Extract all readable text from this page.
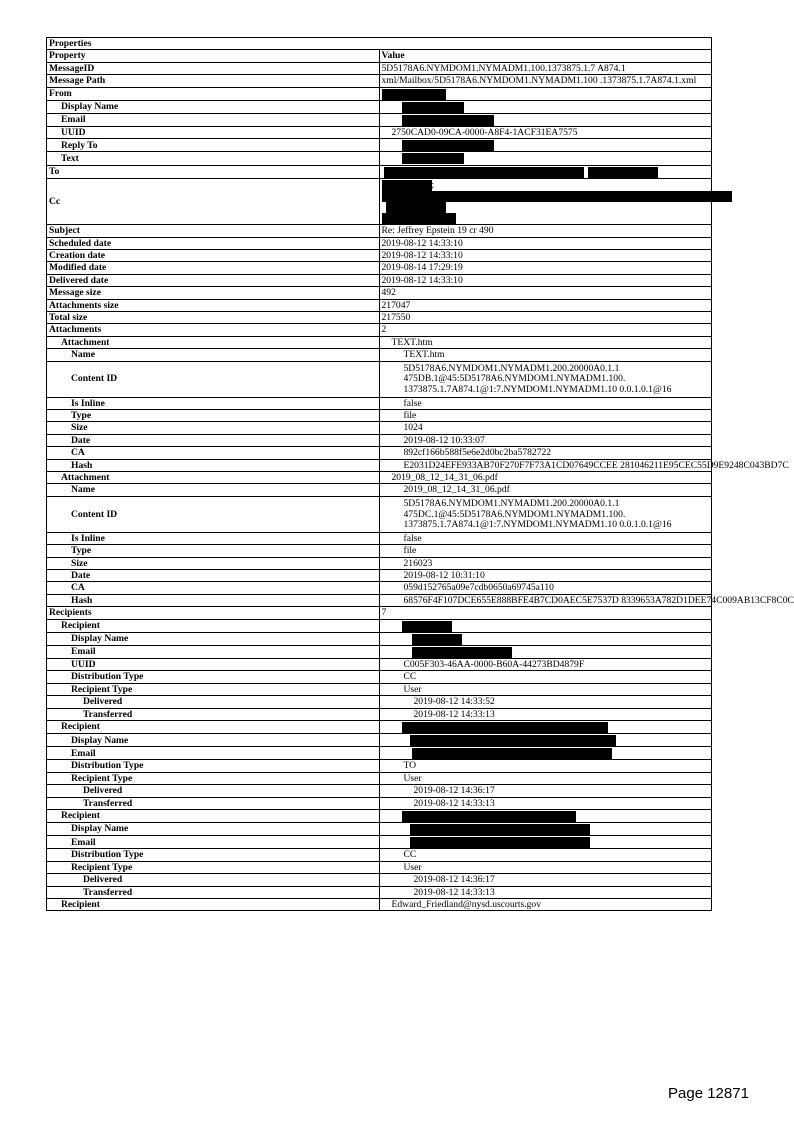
Properties	
Property	Value
MessageID	5D5178A6.NYMDOM1.NYMADM1.100.1373875.1.7 A874.1
Message Path	xml/Mailbox/5D5178A6.NYMDOM1.NYMADM1.100 .1373875.1.7A874.1.xml
From	
Display Name	
Email	
UUID	2750CAD0-09CA-0000-A8F4-1ACF31EA7575
Reply To	
Text	
To	
Cc	;

Subject	Re: Jeffrey Epstein 19 cr 490
Scheduled date	2019-08-12 14:33:10
Creation date	2019-08-12 14:33:10
Modified date	2019-08-14 17:29:19
Delivered date	2019-08-12 14:33:10
Message size	492
Attachments size	217047
Total size	217550
Attachments	2
Attachment	TEXT.htm
Name	TEXT.htm
Content ID	5D5178A6.NYMDOM1.NYMADM1.200.20000A0.1.1
475DB.1@45:5D5178A6.NYMDOM1.NYMADM1.100.
1373875.1.7A874.1@1:7.NYMDOM1.NYMADM1.10 0.0.1.0.1@16
Is Inline	false
Type	file
Size	1024
Date	2019-08-12 10:33:07
CA	892cf166b588f5e6e2d0bc2ba5782722
Hash	E2031D24EFE933AB70F270F7F73A1CD07649CCEE 281046211E95CEC55D9E9248C043BD7C
Attachment	2019_08_12_14_31_06.pdf
Name	2019_08_12_14_31_06.pdf
Content ID	5D5178A6.NYMDOM1.NYMADM1.200.20000A0.1.1
475DC.1@45:5D5178A6.NYMDOM1.NYMADM1.100.
1373875.1.7A874.1@1:7.NYMDOM1.NYMADM1.10 0.0.1.0.1@16
Is Inline	false
Type	file
Size	216023
Date	2019-08-12 10:31:10
CA	059d152765a09e7cdb0650a69745a110
Hash	68576F4F107DCE655E888BFE4B7CD0AEC5E7537D 8339653A782D1DEE74C009AB13CF8C0C
Recipients	7
Recipient	
Display Name	
Email	
UUID	C005F303-46AA-0000-B60A-44273BD4879F
Distribution Type	CC
Recipient Type	User
Delivered	2019-08-12 14:33:52
Transferred	2019-08-12 14:33:13
Recipient	
Display Name	
Email	
Distribution Type	TO
Recipient Type	User
Delivered	2019-08-12 14:36:17
Transferred	2019-08-12 14:33:13
Recipient	
Display Name	
Email	
Distribution Type	CC
Recipient Type	User
Delivered	2019-08-12 14:36:17
Transferred	2019-08-12 14:33:13
Recipient	Edward_Friedland@nysd.uscourts.gov
Page 12871
